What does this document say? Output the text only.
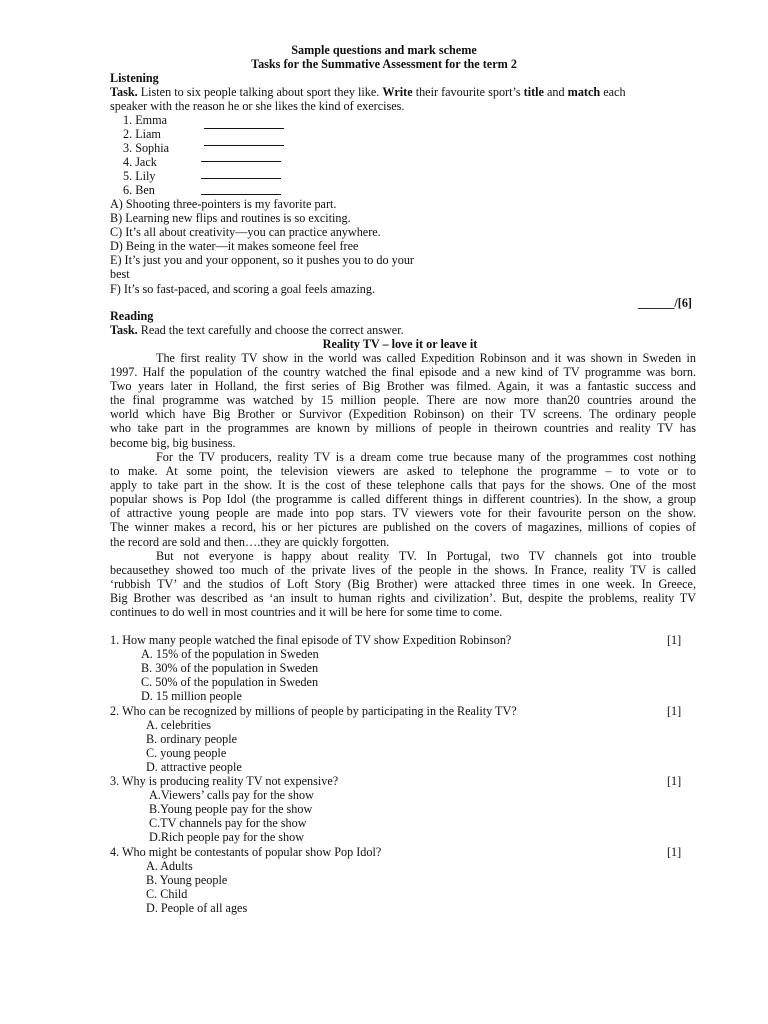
Sample questions and mark scheme
Tasks for the Summative Assessment for the term 2
Listening
Task. Listen to six people talking about sport they like. Write their favourite sport’s title and match each
speaker with the reason he or she likes the kind of exercises.
1. Emma
2. Liam
3. Sophia
4. Jack
5. Lily
6. Ben
A) Shooting three-pointers is my favorite part.
B) Learning new flips and routines is so exciting.
C) It’s all about creativity—you can practice anywhere.
D) Being in the water—it makes someone feel free
E) It’s just you and your opponent, so it pushes you to do your
best
F) It’s so fast-paced, and scoring a goal feels amazing.
______/[6]
Reading
Task. Read the text carefully and choose the correct answer.
Reality TV – love it or leave it
The first reality TV show in the world was called Expedition Robinson and it was shown in Sweden in
1997. Half the population of the country watched the final episode and a new kind of TV programme was born.
Two years later in Holland, the first series of Big Brother was filmed. Again, it was a fantastic success and
the final programme was watched by 15 million people. There are now more than20 countries around the
world which have Big Brother or Survivor (Expedition Robinson) on their TV screens. The ordinary people
who take part in the programmes are known by millions of people in theirown countries and reality TV has
become big, big business.
For the TV producers, reality TV is a dream come true because many of the programmes cost nothing
to make. At some point, the television viewers are asked to telephone the programme – to vote or to
apply to take part in the show. It is the cost of these telephone calls that pays for the shows. One of the most
popular shows is Pop Idol (the programme is called different things in different countries). In the show, a group
of attractive young people are made into pop stars. TV viewers vote for their favourite person on the show.
The winner makes a record, his or her pictures are published on the covers of magazines, millions of copies of
the record are sold and then….they are quickly forgotten.
But not everyone is happy about reality TV. In Portugal, two TV channels got into trouble
becausethey showed too much of the private lives of the people in the shows. In France, reality TV is called
‘rubbish TV’ and the studios of Loft Story (Big Brother) were attacked three times in one week. In Greece,
Big Brother was described as ‘an insult to human rights and civilization’. But, despite the problems, reality TV
continues to do well in most countries and it will be here for some time to come.
1. How many people watched the final episode of TV show Expedition Robinson?	[1]
A. 15% of the population in Sweden
B. 30% of the population in Sweden
C. 50% of the population in Sweden
D. 15 million people
2. Who can be recognized by millions of people by participating in the Reality TV?	[1]
A. celebrities
B. ordinary people
C. young people
D. attractive people
3. Why is producing reality TV not expensive?	[1]
A.Viewers’ calls pay for the show
B.Young people pay for the show
C.TV channels pay for the show
D.Rich people pay for the show
4. Who might be contestants of popular show Pop Idol?	[1]
A. Adults
B. Young people
C. Child
D. People of all ages
